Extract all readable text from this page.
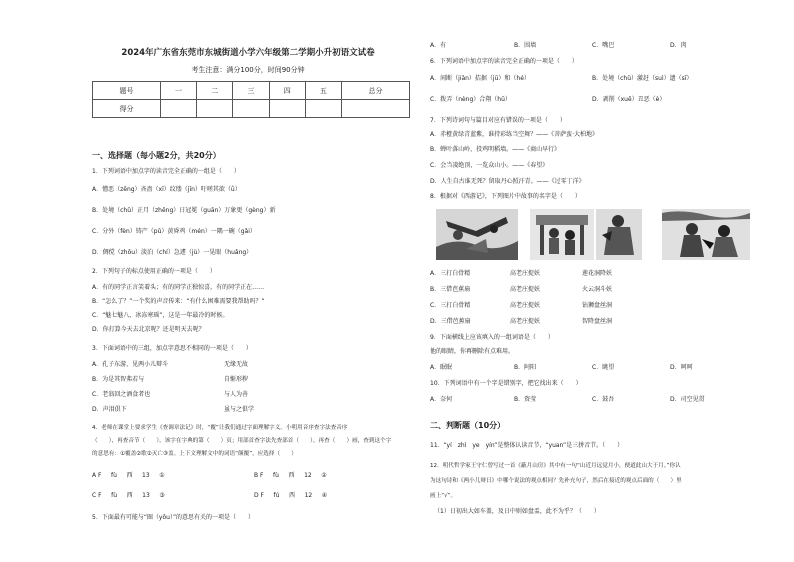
2024年广东省东莞市东城街道小学六年级第二学期小升初语文试卷
考生注意：满分100分，时间90分钟
题号	一	二	三	四	五	总分
得分						
一、选择题（每小题2分，共20分）
1．下列词语中加点字的读音完全正确的一组是（　　）
A．憎恶（zēng）吝啬（xī）纹缕（jīn）吁嗟其欲（ǜ）
B．处境（chǔ）正月（zhēng）日冠冕（guān）万象更（gèng）新
C．分外（fèn）铸产（pǔ）黄昏鸡（mén）一隅一碗（gǎi）
D．倜傥（zhōu）淡泊（chí）急遽（jù）一晃眼（huǎng）
2．下列句子的标点使用正确的一项是（　　）
A．有的同学正言笑着头；有的同学正独惊喜，有的同学正在……
B．“怎么了？”一个奖的声音传来：“有什么困难需要我帮助吗？”
C．“魅七魅八，冰冻寒瑶”，这是一年最冷的时候。
D．你打算今天去北京呢？还是明天去呢？
3．下面词语中的三组，加点字意思不相同的一项是（　　）
A．孔子东游，见两小儿辩斗	无缘无故
B．为是其智弗若与	自惭形秽
C．老翁回之酒食者也	与人为善
D．声泪俱下	虽与之俱学
4．老师在课堂上要求学生《查调章法记》时，“覆”让我们通过字面理解字义。小明用音序查字法查音序
（　　），再查音节（　　），该字在字典的第（　　）页；用部首查字法先查部首（　　），再查（　　）画，查到这个字
的意思有：①覆盖②歌②灭亡③盖。上下文理解文中的词语“颠覆”，应选择（　　）
A F fù 西 13 ①	B F fù 西 12 ②
C F fù 西 13 ③	D F fú 西 12 ④
5．下面最有可能与“圈（yōu）”的意思有关的一项是（　　）
A．有	B．围墙	C．嘴巴	D．肉
6．下列词语中加点字的读音完全正确的一项是（　　）
A．间断（jiān）拮据（jū）和（hé）	B．处境（chǔ）激赶（suì）遗（sī）
C．拨弄（nèng）合翔（hū）	D．剥削（xuē）丑恶（è）
7．下列诗词句与篇目对应有错误的一项是（　　）
A．赤橙黄绿青蓝紫，谁持彩练当空舞？——《菩萨蛮·大柏地》
B．蝉叶落山岭，投鸡明稻墙。——《商山早行》
C．会当凌绝顶，一览众山小。——《春望》
D．人生自古谁无死？留取丹心照汗青。——《过零丁洋》
8．根据对《西游记》，下列图片中故事的名字是（　　）
A．三打白骨精	高老庄捉妖	莲花洞降妖
B．三借芭蕉扇	高老庄捉妖	火云洞斗妖
C．三打白骨精	高老庄捉妖	钻狮盘丝洞
D．三借芭蕉扇	高老庄捉妖	智降盘丝洞
9．下面横线上应该填入的一组词语是（　　）
他的眼睛，你再删除有点难用。
A．眠眠	B．阿阳	C．眺望	D．呵呵
10．下列词语中有一个字是错别字，把它找出来（　　）
A．奈何	B．资莹	C．鼓吾	D．司空见贯
二、判断题（10分）
11．“yí　zhì　ye　yín”是整体认读音节，“yuan”是三拼音节。（　　）
12．明代哲学家王守仁曾写过一首《蔽月山房》其中有一句“山近月远觉月小，便道此山大于月。”你认
为这句诗和《两小儿辩日》中哪个说法的观点相同？先补充句子，然后在接近的观点后面的（　　）里
画上“√”。
（1）日初出大如车盖，及日中则如盘盂，此不为乎？（　　）
